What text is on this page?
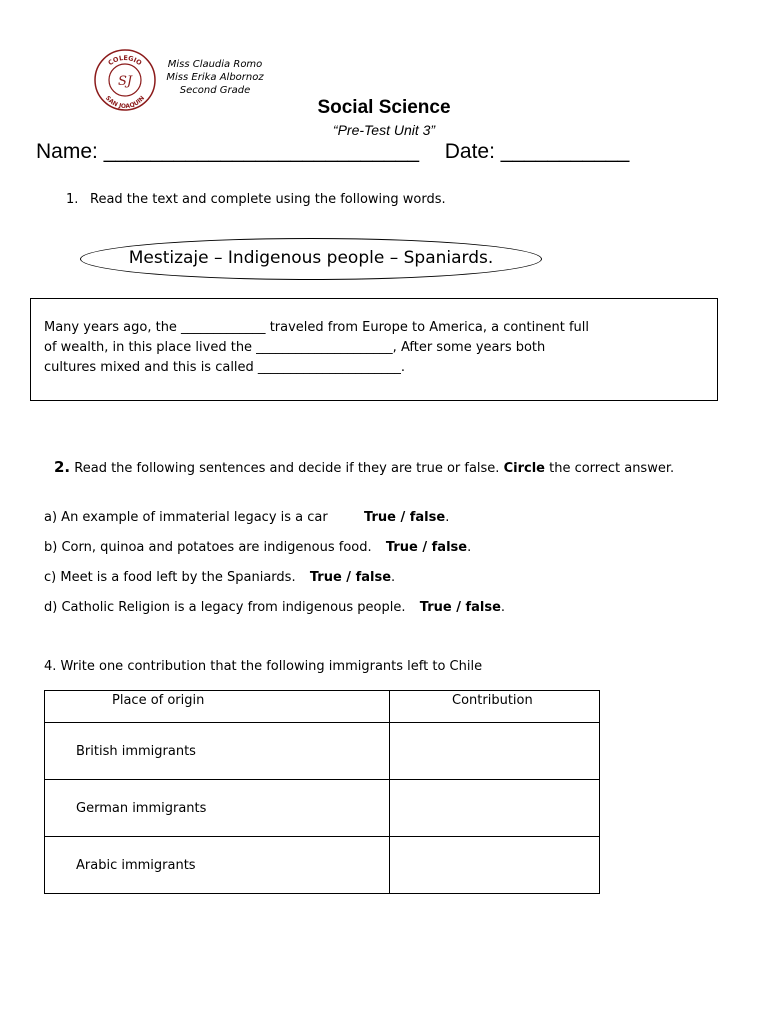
COLEGIO
SAN JOAQUIN
SJ
Miss Claudia Romo
Miss Erika Albornoz
Second Grade
Social Science
“Pre-Test Unit 3”
Name: ___________________________ Date: ___________
1. Read the text and complete using the following words.
Mestizaje – Indigenous people – Spaniards.
Many years ago, the _____________ traveled from Europe to America, a continent full
of wealth, in this place lived the _____________________, After some years both
cultures mixed and this is called ______________________.
2. Read the following sentences and decide if they are true or false. Circle the correct answer.
a) An example of immaterial legacy is a car	True / false.
b) Corn, quinoa and potatoes are indigenous food. True / false.
c) Meet is a food left by the Spaniards. True / false.
d) Catholic Religion is a legacy from indigenous people. True / false.
4. Write one contribution that the following immigrants left to Chile
Place of origin	Contribution
British immigrants	
German immigrants	
Arabic immigrants	
